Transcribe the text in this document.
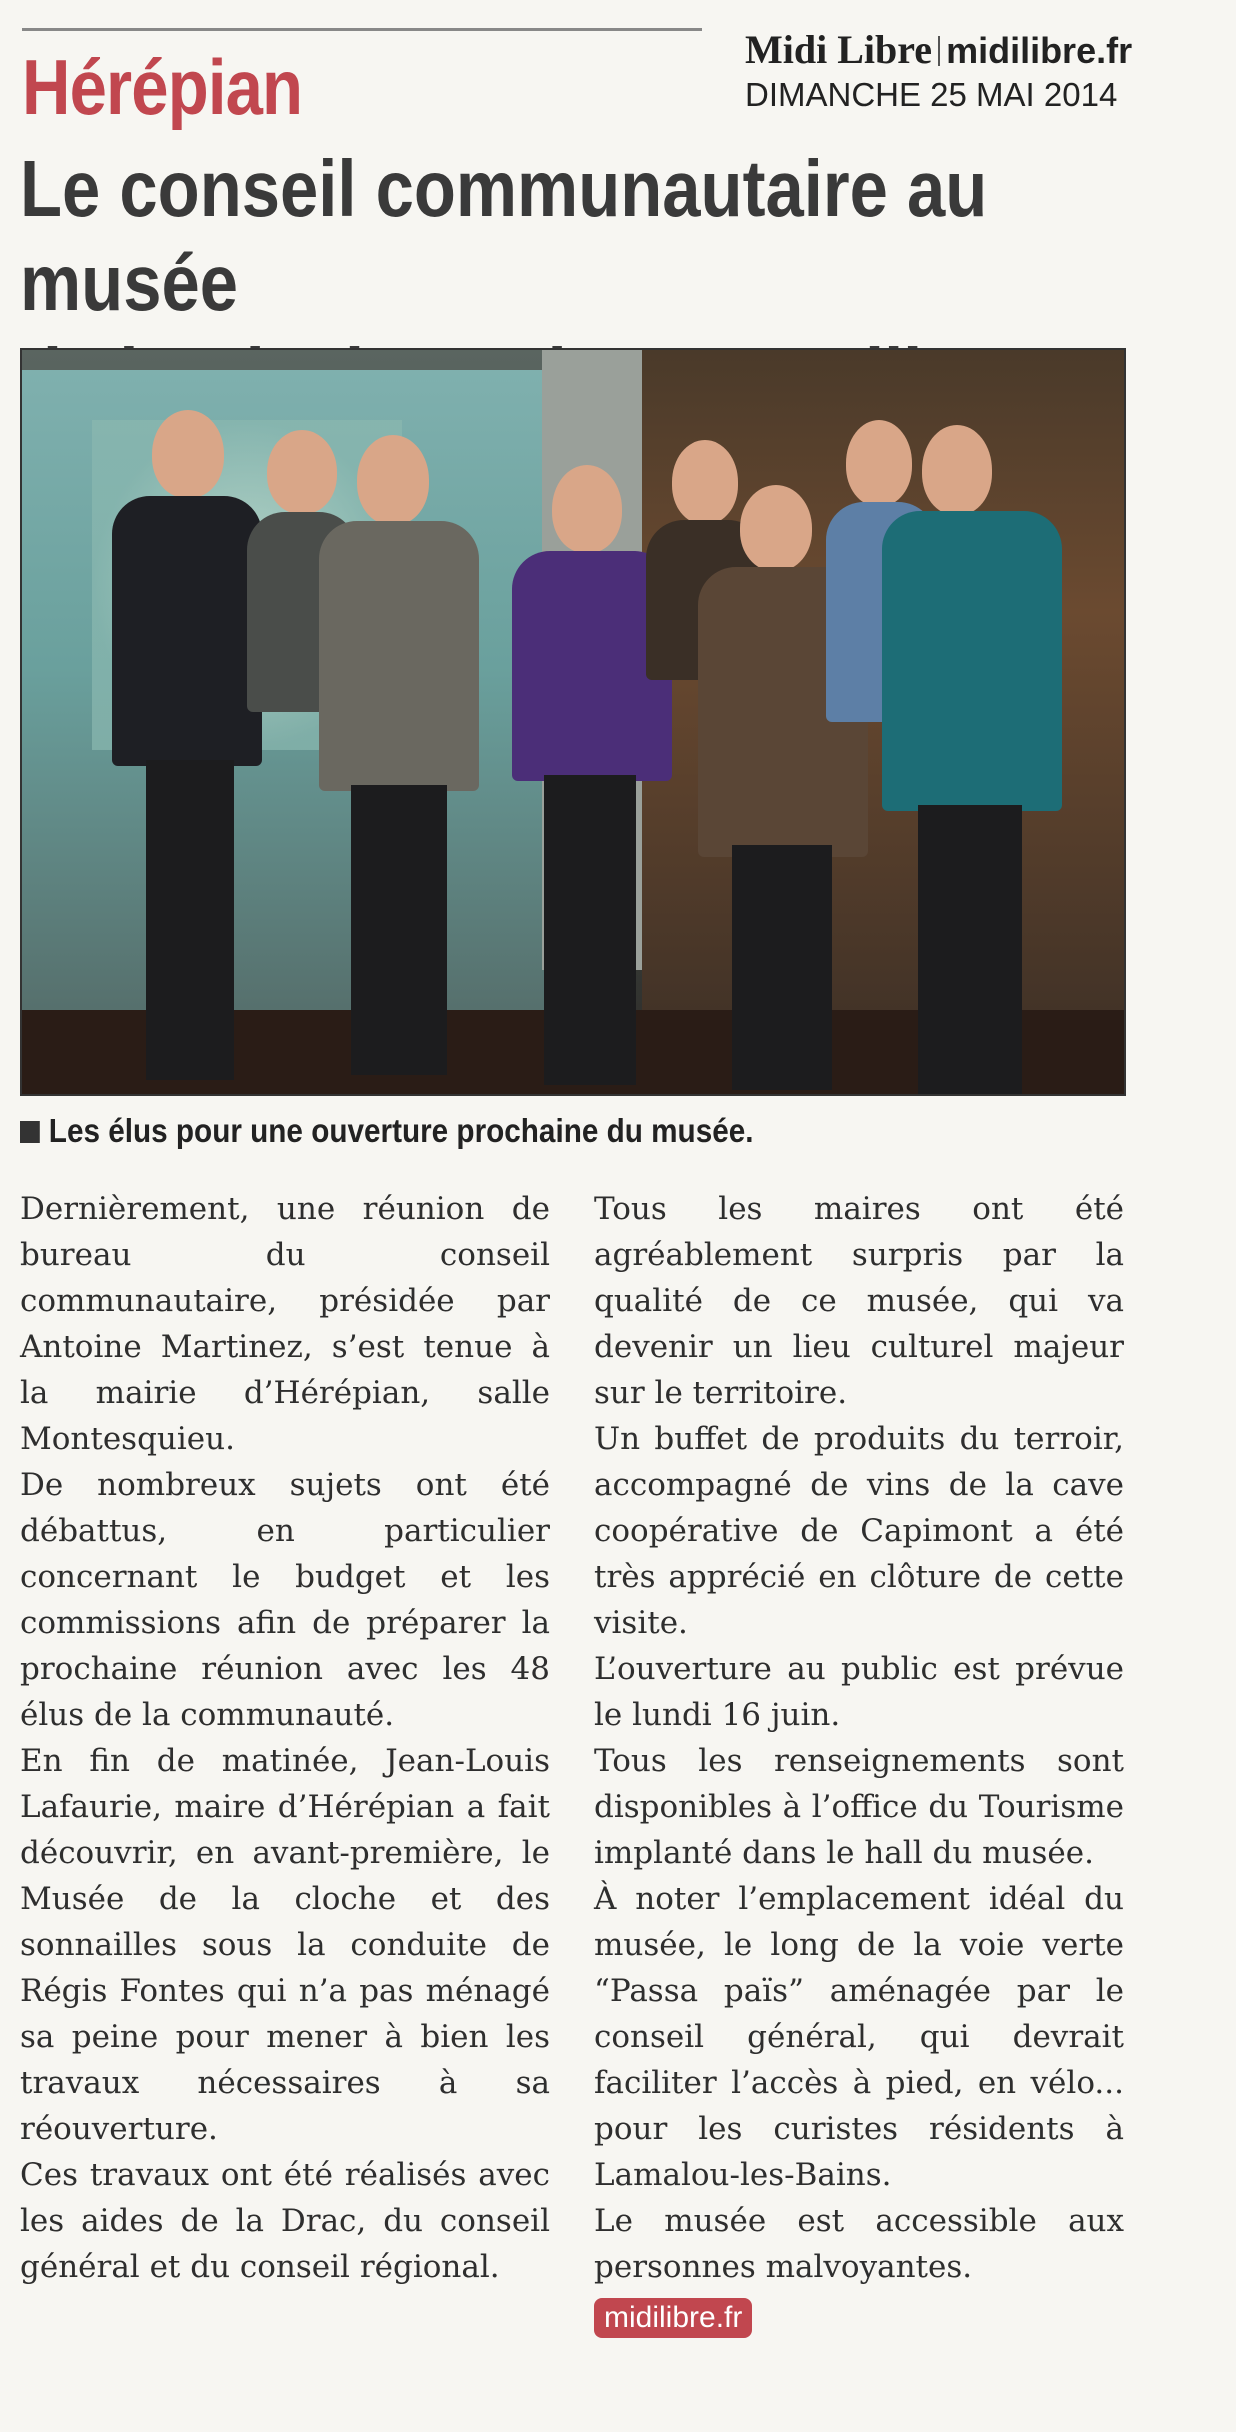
Midi Libre midilibre.fr
DIMANCHE 25 MAI 2014
Hérépian
Le conseil communautaire au musée
Les élus pour une ouverture prochaine du musée.

Dernièrement, une réunion de bureau du conseil communautaire, présidée par Antoine Martinez, s’est tenue à la mairie d’Hérépian, salle Montesquieu.

De nombreux sujets ont été débattus, en particulier concernant le budget et les commissions afin de préparer la prochaine réunion avec les 48 élus de la communauté.

En fin de matinée, Jean-Louis Lafaurie, maire d’Hérépian a fait découvrir, en avant-première, le Musée de la cloche et des sonnailles sous la conduite de Régis Fontes qui n’a pas ménagé sa peine pour mener à bien les travaux nécessaires à sa réouverture.

Ces travaux ont été réalisés avec les aides de la Drac, du conseil général et du conseil régional.

Tous les maires ont été agréablement surpris par la qualité de ce musée, qui va devenir un lieu culturel majeur sur le territoire.

Un buffet de produits du terroir, accompagné de vins de la cave coopérative de Capimont a été très apprécié en clôture de cette visite.

L’ouverture au public est prévue le lundi 16 juin.

Tous les renseignements sont disponibles à l’office du Tourisme implanté dans le hall du musée.

À noter l’emplacement idéal du musée, le long de la voie verte “Passa païs” aménagée par le conseil général, qui devrait faciliter l’accès à pied, en vélo... pour les curistes résidents à Lamalou-les-Bains.

Le musée est accessible aux personnes malvoyantes.

midilibre.fr
